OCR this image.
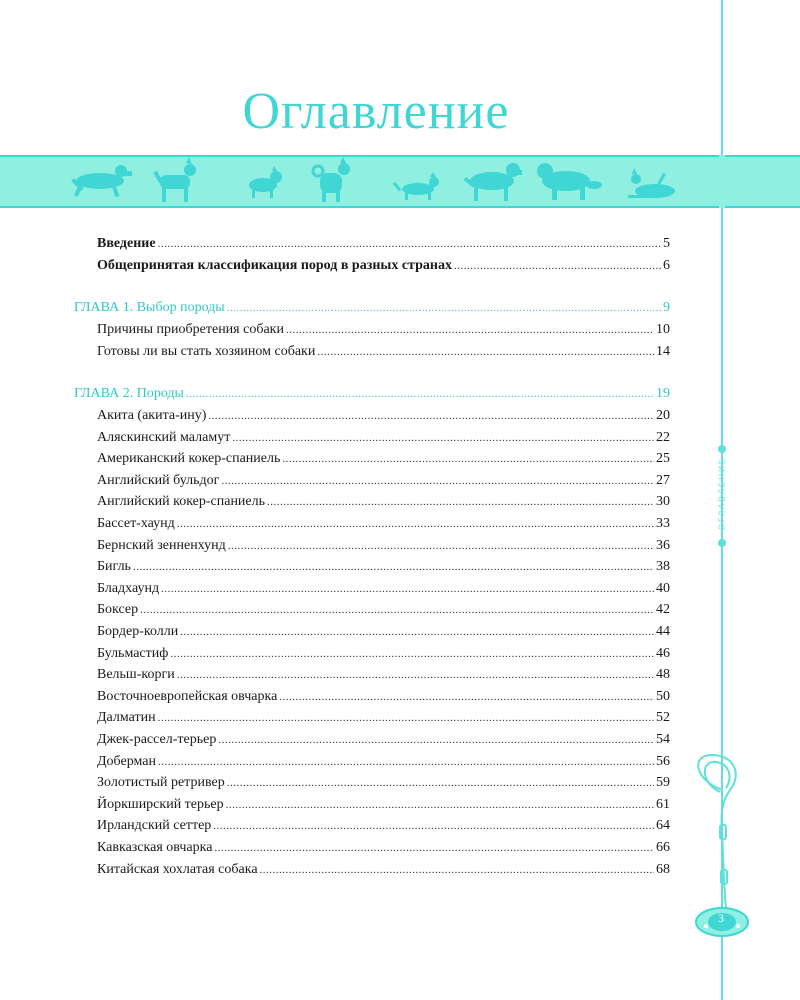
Оглавление
ОГЛАВЛЕНИЕ
Введение .....	5
Общепринятая классификация пород в разных странах .....	6
ГЛАВА 1. Выбор породы .....	9
Причины приобретения собаки .....	10
Готовы ли вы стать хозяином собаки .....	14
ГЛАВА 2. Породы .....	19
Акита (акита-ину) .....	20
Аляскинский маламут .....	22
Американский кокер-спаниель .....	25
Английский бульдог .....	27
Английский кокер-спаниель .....	30
Бассет-хаунд .....	33
Бернский зенненхунд .....	36
Бигль .....	38
Бладхаунд .....	40
Боксер .....	42
Бордер-колли .....	44
Бульмастиф .....	46
Вельш-корги .....	48
Восточноевропейская овчарка .....	50
Далматин .....	52
Джек-рассел-терьер .....	54
Доберман .....	56
Золотистый ретривер .....	59
Йоркширский терьер .....	61
Ирландский сеттер .....	64
Кавказская овчарка .....	66
Китайская хохлатая собака .....	68
3
